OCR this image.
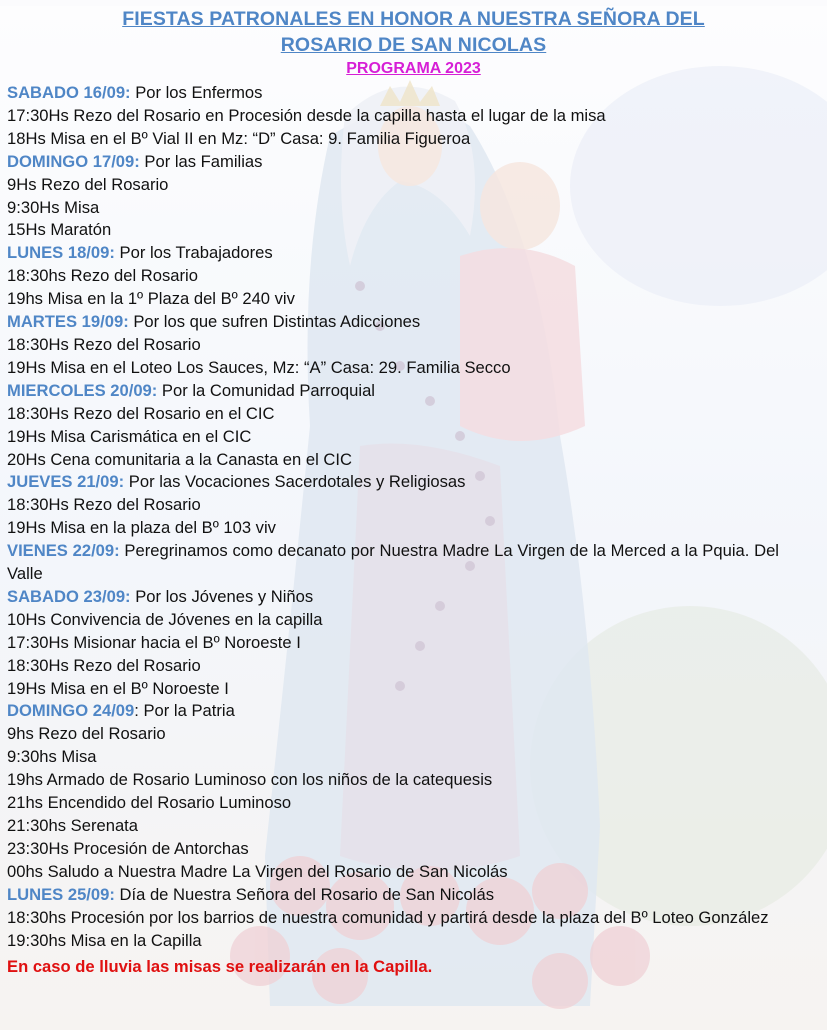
FIESTAS PATRONALES EN HONOR A NUESTRA SEÑORA DEL
ROSARIO DE SAN NICOLAS
PROGRAMA 2023
SABADO 16/09: Por los Enfermos
17:30Hs Rezo del Rosario en Procesión desde la capilla hasta el lugar de la misa
18Hs Misa en el Bº Vial II en Mz: “D” Casa: 9. Familia Figueroa
DOMINGO 17/09: Por las Familias
9Hs Rezo del Rosario
9:30Hs Misa
15Hs Maratón
LUNES 18/09: Por los Trabajadores
18:30hs Rezo del Rosario
19hs Misa en la 1º Plaza del Bº 240 viv
MARTES 19/09: Por los que sufren Distintas Adicciones
18:30Hs Rezo del Rosario
19Hs Misa en el Loteo Los Sauces, Mz: “A” Casa: 29. Familia Secco
MIERCOLES 20/09: Por la Comunidad Parroquial
18:30Hs Rezo del Rosario en el CIC
19Hs Misa Carismática en el CIC
20Hs Cena comunitaria a la Canasta en el CIC
JUEVES 21/09: Por las Vocaciones Sacerdotales y Religiosas
18:30Hs Rezo del Rosario
19Hs Misa en la plaza del Bº 103 viv
VIENES 22/09: Peregrinamos como decanato por Nuestra Madre La Virgen de la Merced a la Pquia. Del Valle
SABADO 23/09: Por los Jóvenes y Niños
10Hs Convivencia de Jóvenes en la capilla
17:30Hs Misionar hacia el Bº Noroeste I
18:30Hs Rezo del Rosario
19Hs Misa en el Bº Noroeste I
DOMINGO 24/09: Por la Patria
9hs Rezo del Rosario
9:30hs Misa
19hs Armado de Rosario Luminoso con los niños de la catequesis
21hs Encendido del Rosario Luminoso
21:30hs Serenata
23:30Hs Procesión de Antorchas
00hs Saludo a Nuestra Madre La Virgen del Rosario de San Nicolás
LUNES 25/09: Día de Nuestra Señora del Rosario de San Nicolás
18:30hs Procesión por los barrios de nuestra comunidad y partirá desde la plaza del Bº Loteo González
19:30hs Misa en la Capilla
En caso de lluvia las misas se realizarán en la Capilla.
